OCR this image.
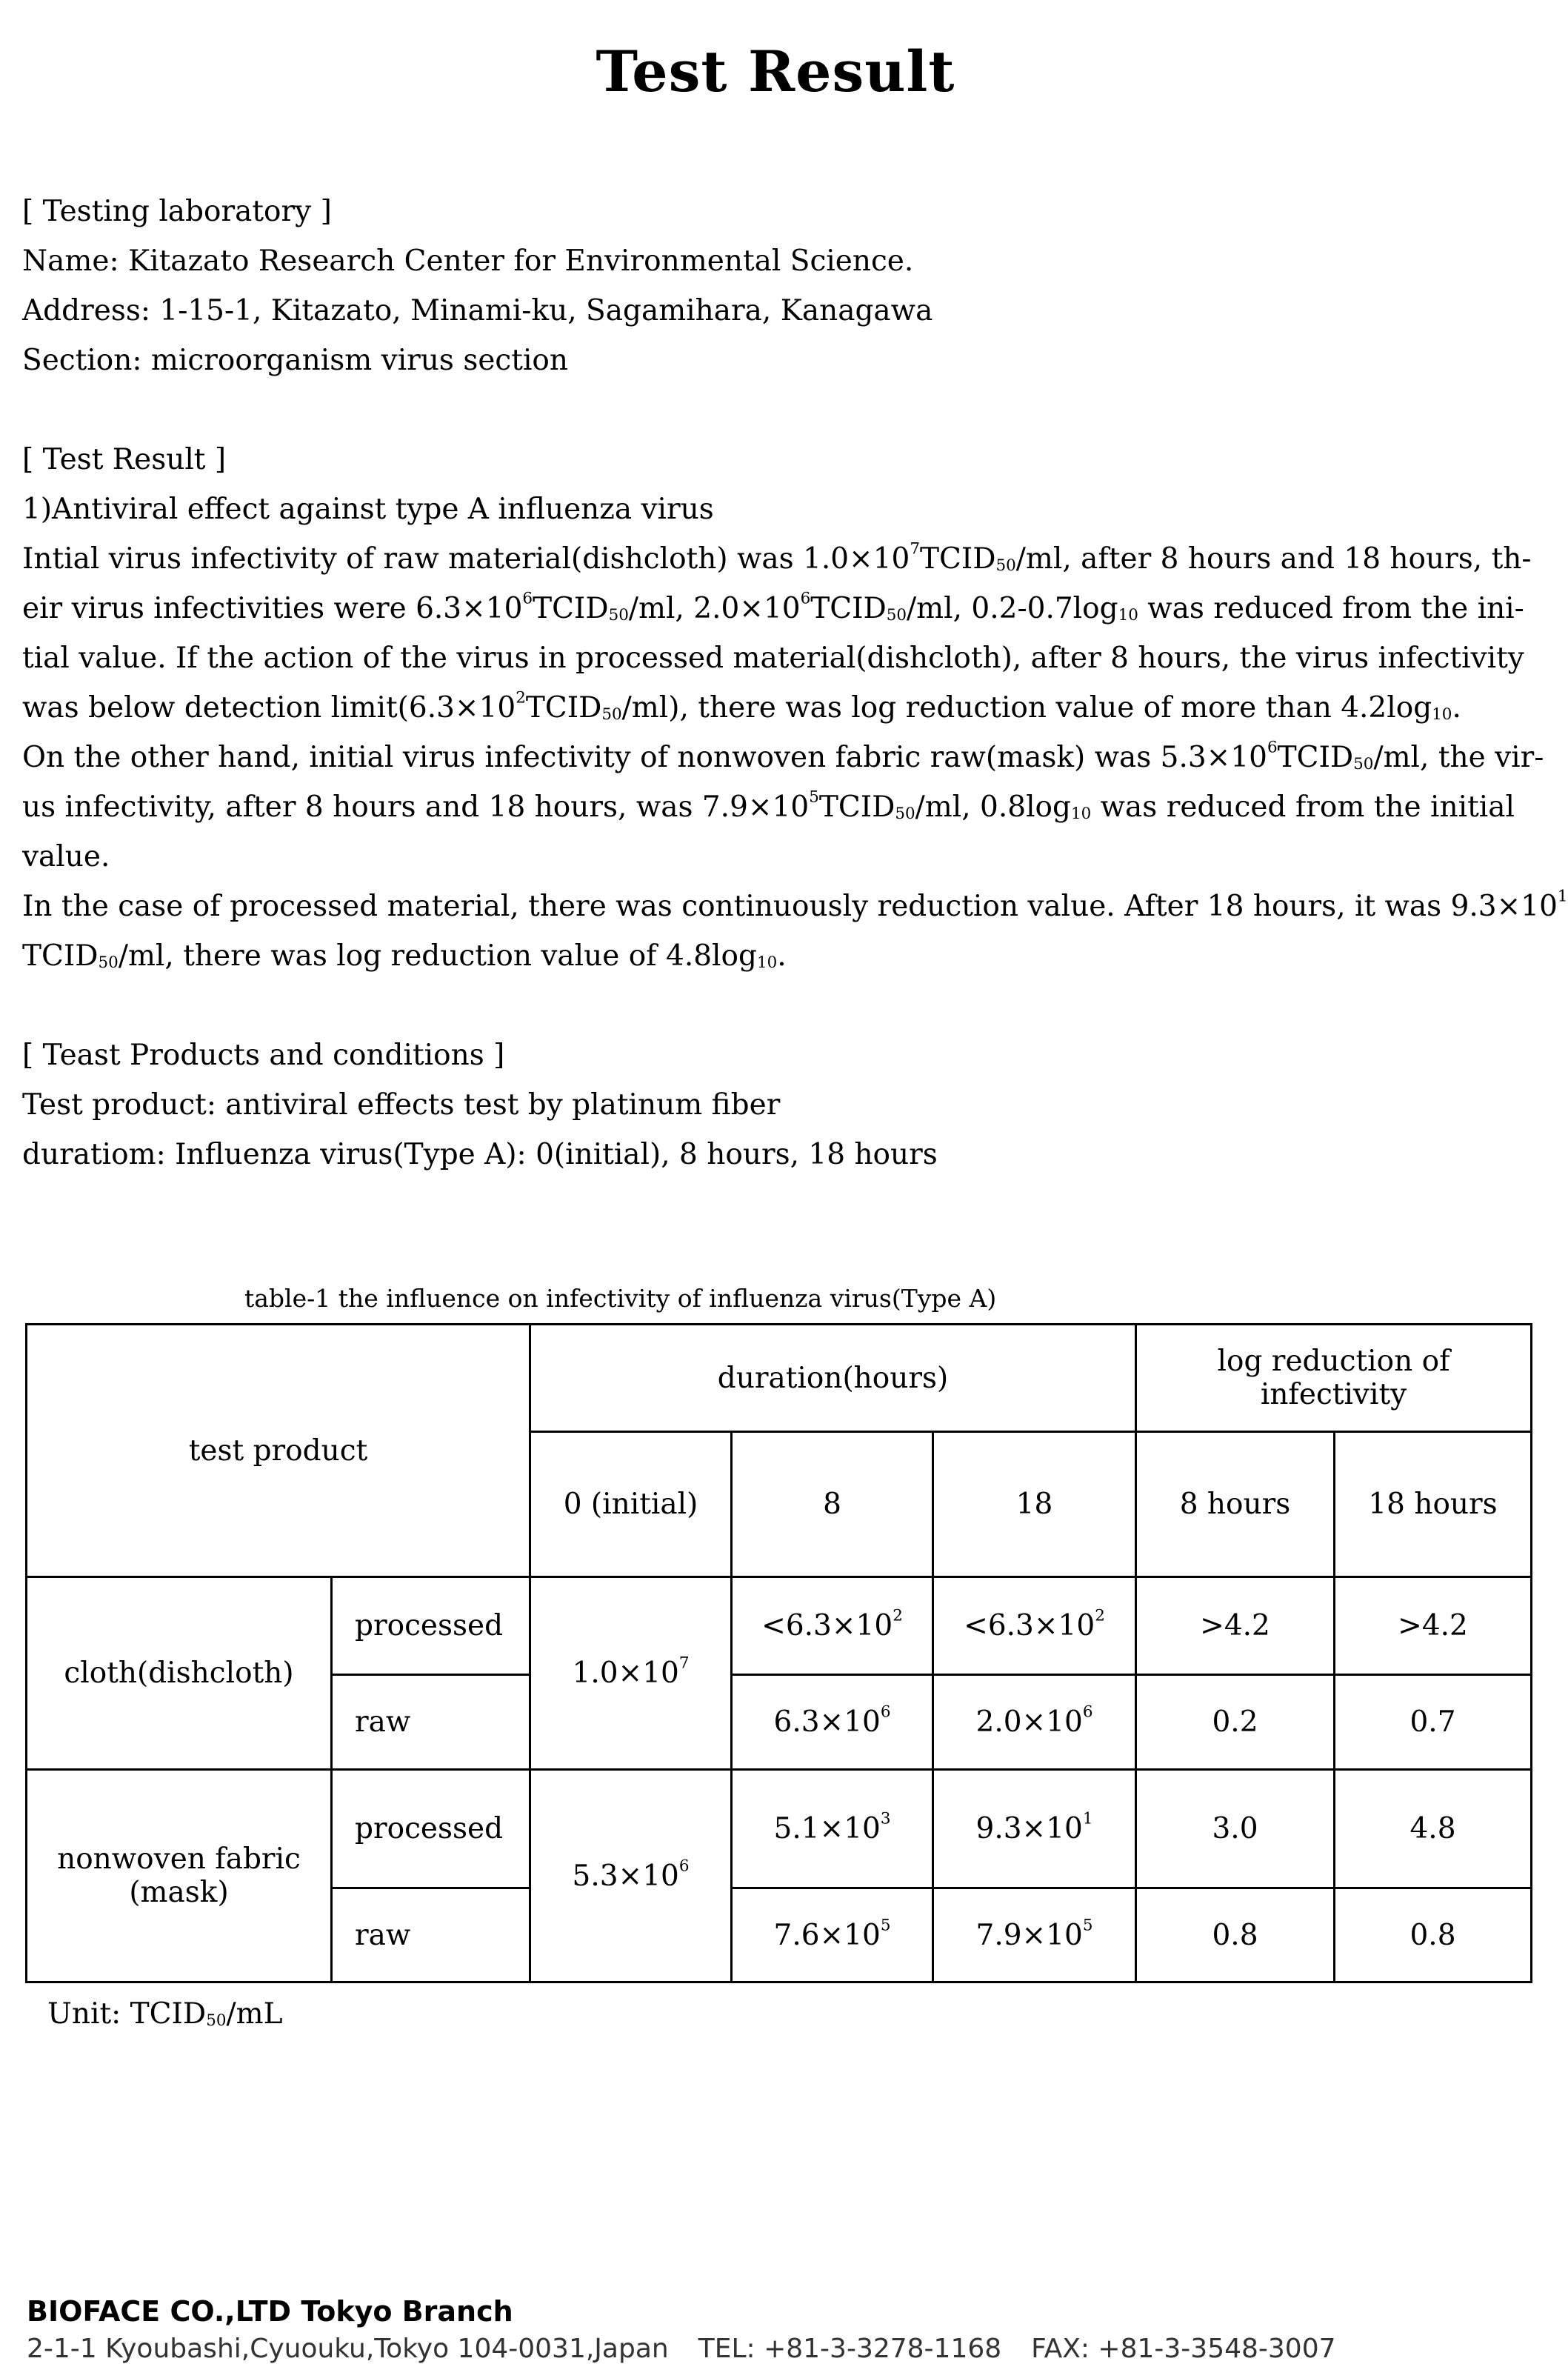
Test Result
[ Testing laboratory ]
Name: Kitazato Research Center for Environmental Science.
Address: 1-15-1, Kitazato, Minami-ku, Sagamihara, Kanagawa
Section: microorganism virus section
[ Test Result ]
1)Antiviral effect against type A influenza virus
Intial virus infectivity of raw material(dishcloth) was $1.0\times 10^7TCID_{50}/ml$, after 8 hours and 18 hours, th-
eir virus infectivities were $6.3\times 10^6TCID_{50}/ml$, $2.0\times 10^6TCID_{50}/ml$, $0.2-0.7\log_{10}$ was reduced from the ini-
tial value. If the action of the virus in processed material(dishcloth), after 8 hours, the virus infectivity
was below detection $limit(6.3\times 10^2TCID_{50}/ml)$, there was log reduction value of more than $4.2\log_{10}$.
On the other hand, initial virus infectivity of nonwoven fabric raw(mask) was $5.3\times 10^6TCID_{50}/ml$, the vir-
us infectivity, after 8 hours and 18 hours, was $7.9\times 10^5TCID_{50}/ml$, $0.8\log_{10}$ was reduced from the initial
value.
In the case of processed material, there was continuously reduction value. After 18 hours, it was $9.3\times 10^1$
$TCID_{50}/ml$, there was log reduction value of $4.8\log_{10}$.
[ Teast Products and conditions ]
Test product: antiviral effects test by platinum fiber
duratiom: Influenza virus(Type A): 0(initial), 8 hours, 18 hours
table-1 the influence on infectivity of influenza virus(Type A)
test product		duration(hours)			log reduction of infectivity	
		0 (initial)	8	18	8 hours	18 hours
cloth(dishcloth)	processed	$1.0\times 10^7$	$<6.3\times 10^2$	$<6.3\times 10^2$	>4.2	>4.2
	raw		$6.3\times 10^6$	$2.0\times 10^6$	0.2	0.7

nonwoven fabric
(mask)	processed	$5.3\times 10^6$	$5.1\times 10^3$	$9.3\times 10^1$	3.0	4.8
	raw		$7.6\times 10^5$	$7.9\times 10^5$	0.8	0.8
Unit: $TCID_{50}/mL$
BIOFACE CO.,LTD Tokyo Branch
2-1-1 Kyoubashi,Cyuouku,Tokyo 104-0031,Japan TEL: +81-3-3278-1168 FAX: +81-3-3548-3007
